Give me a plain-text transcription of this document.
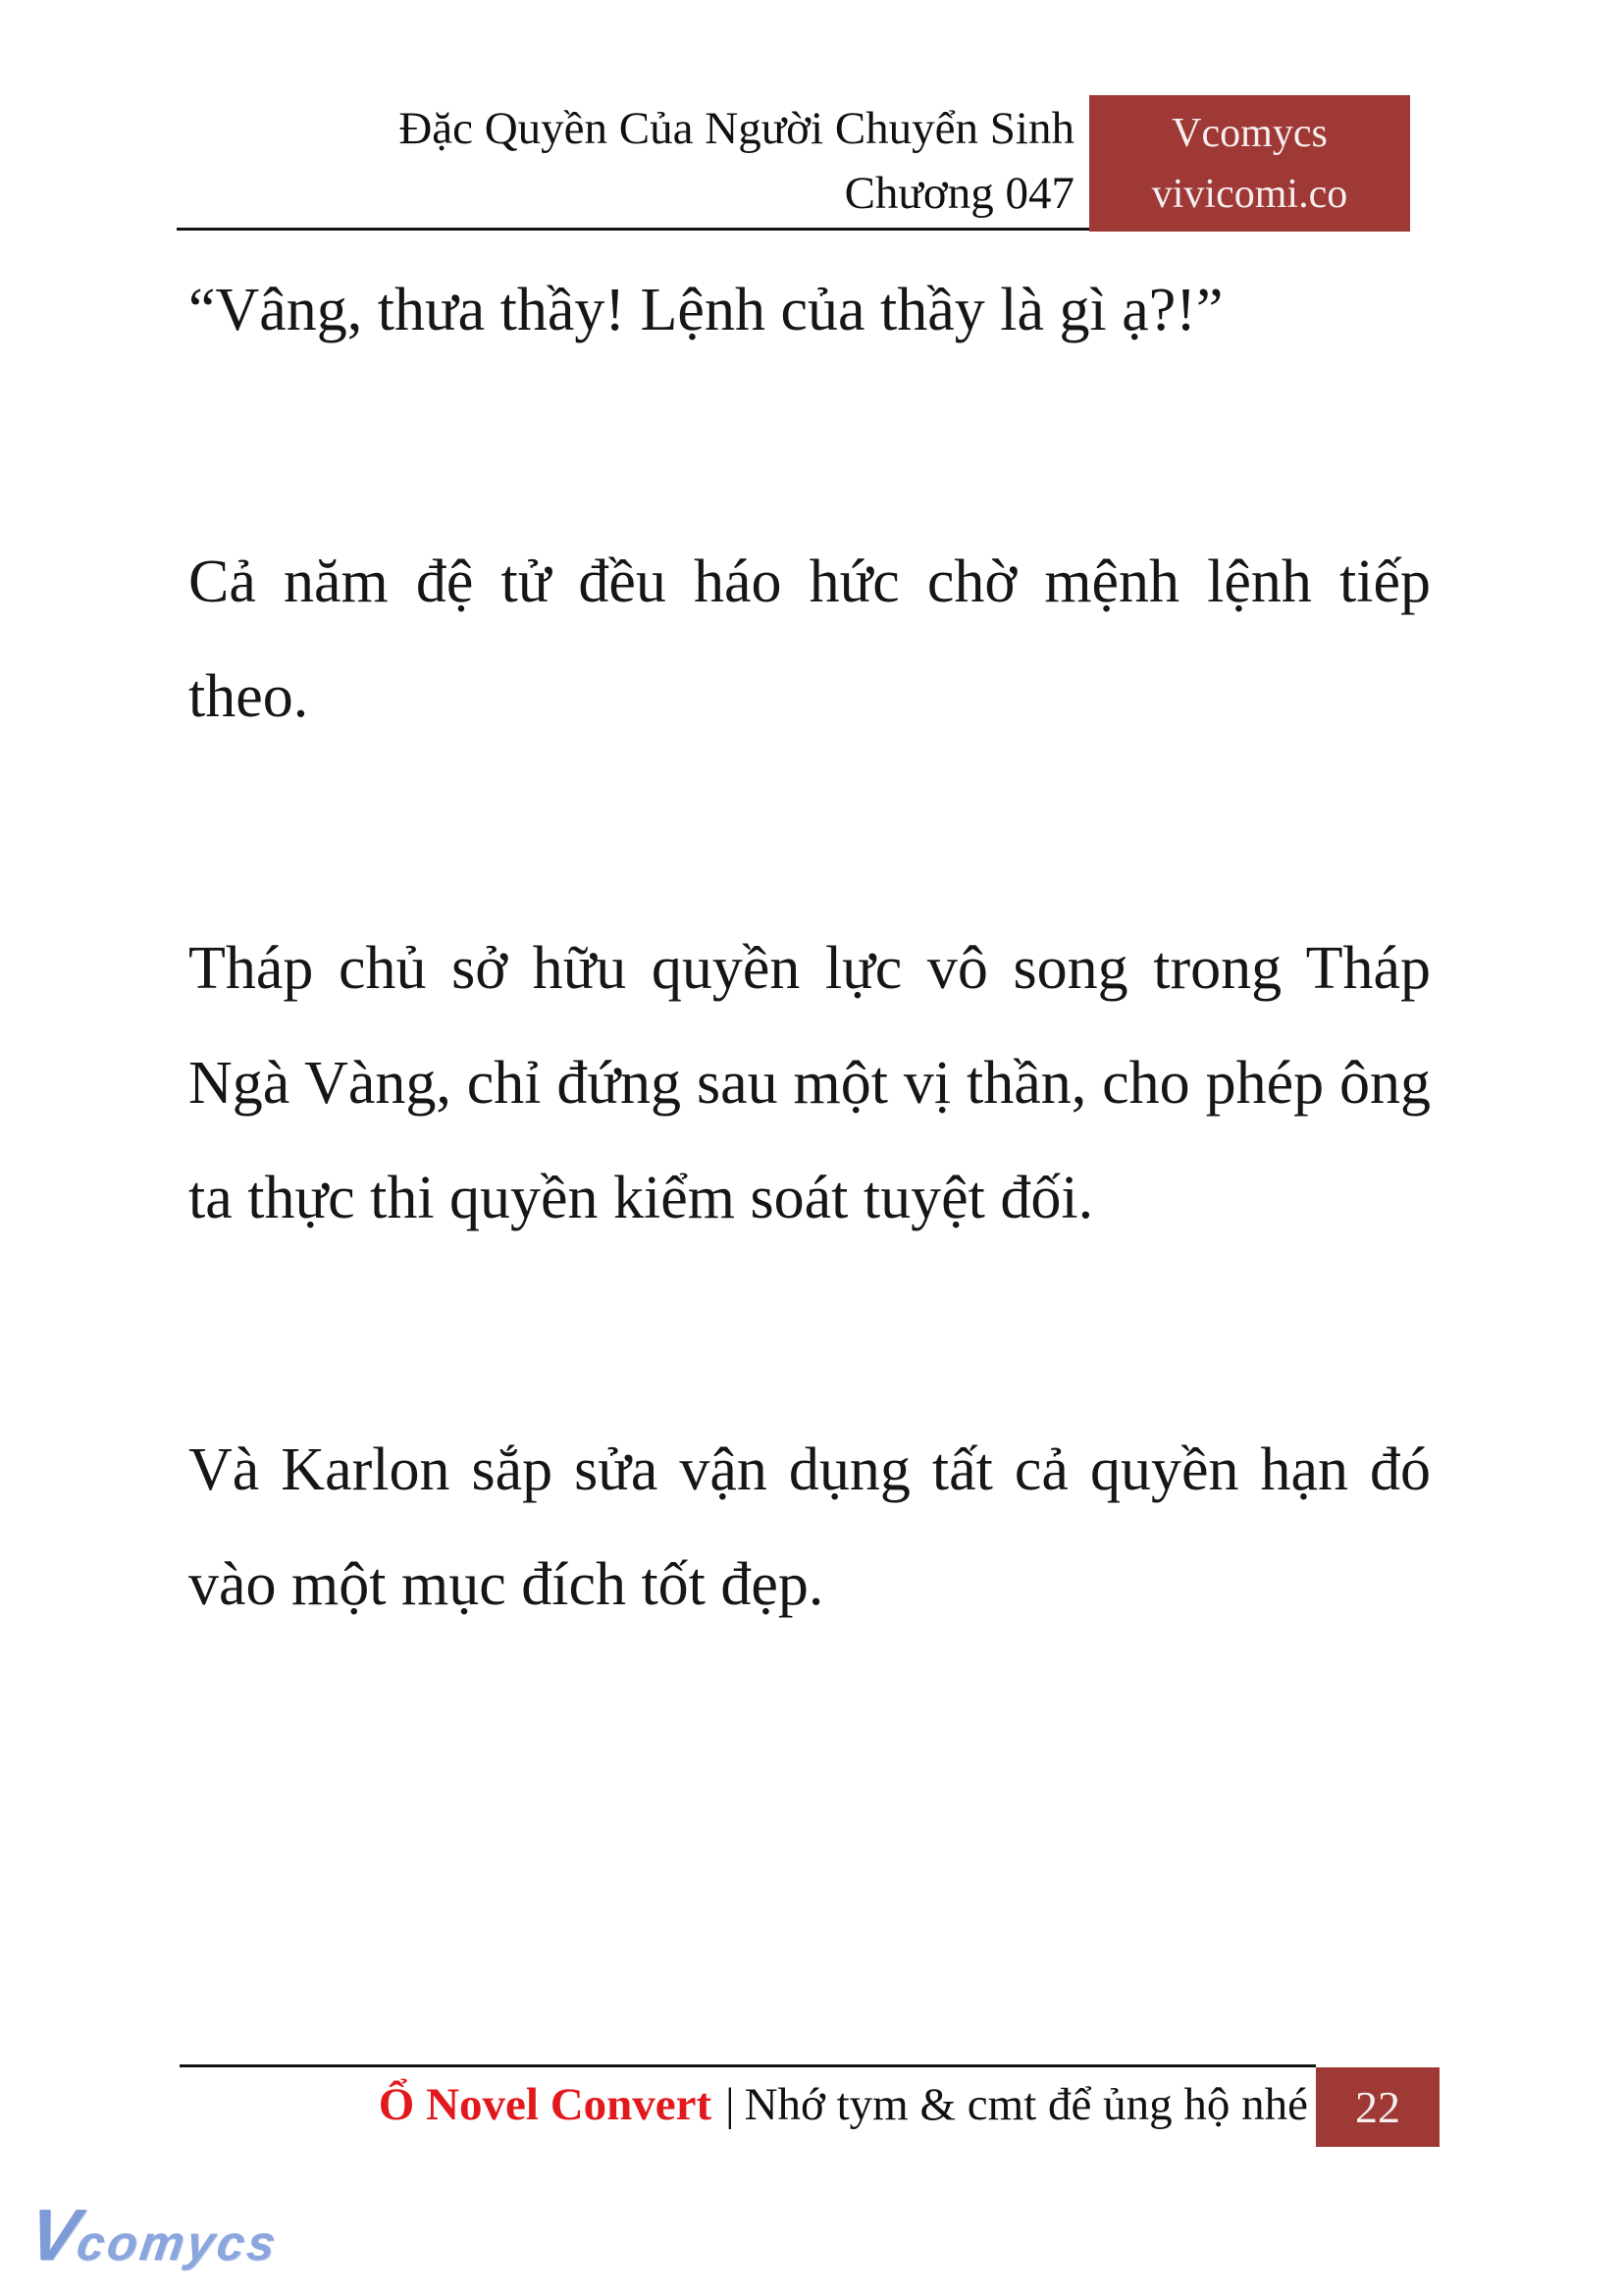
Đặc Quyền Của Người Chuyển Sinh
Chương 047
Vcomycs
vivicomi.co

“Vâng, thưa thầy! Lệnh của thầy là gì ạ?!”

Cả năm đệ tử đều háo hức chờ mệnh lệnh tiếp theo.

Tháp chủ sở hữu quyền lực vô song trong Tháp Ngà Vàng, chỉ đứng sau một vị thần, cho phép ông ta thực thi quyền kiểm soát tuyệt đối.

Và Karlon sắp sửa vận dụng tất cả quyền hạn đó vào một mục đích tốt đẹp.

Ổ Novel Convert | Nhớ tym & cmt để ủng hộ nhé 22
Vcomycs
